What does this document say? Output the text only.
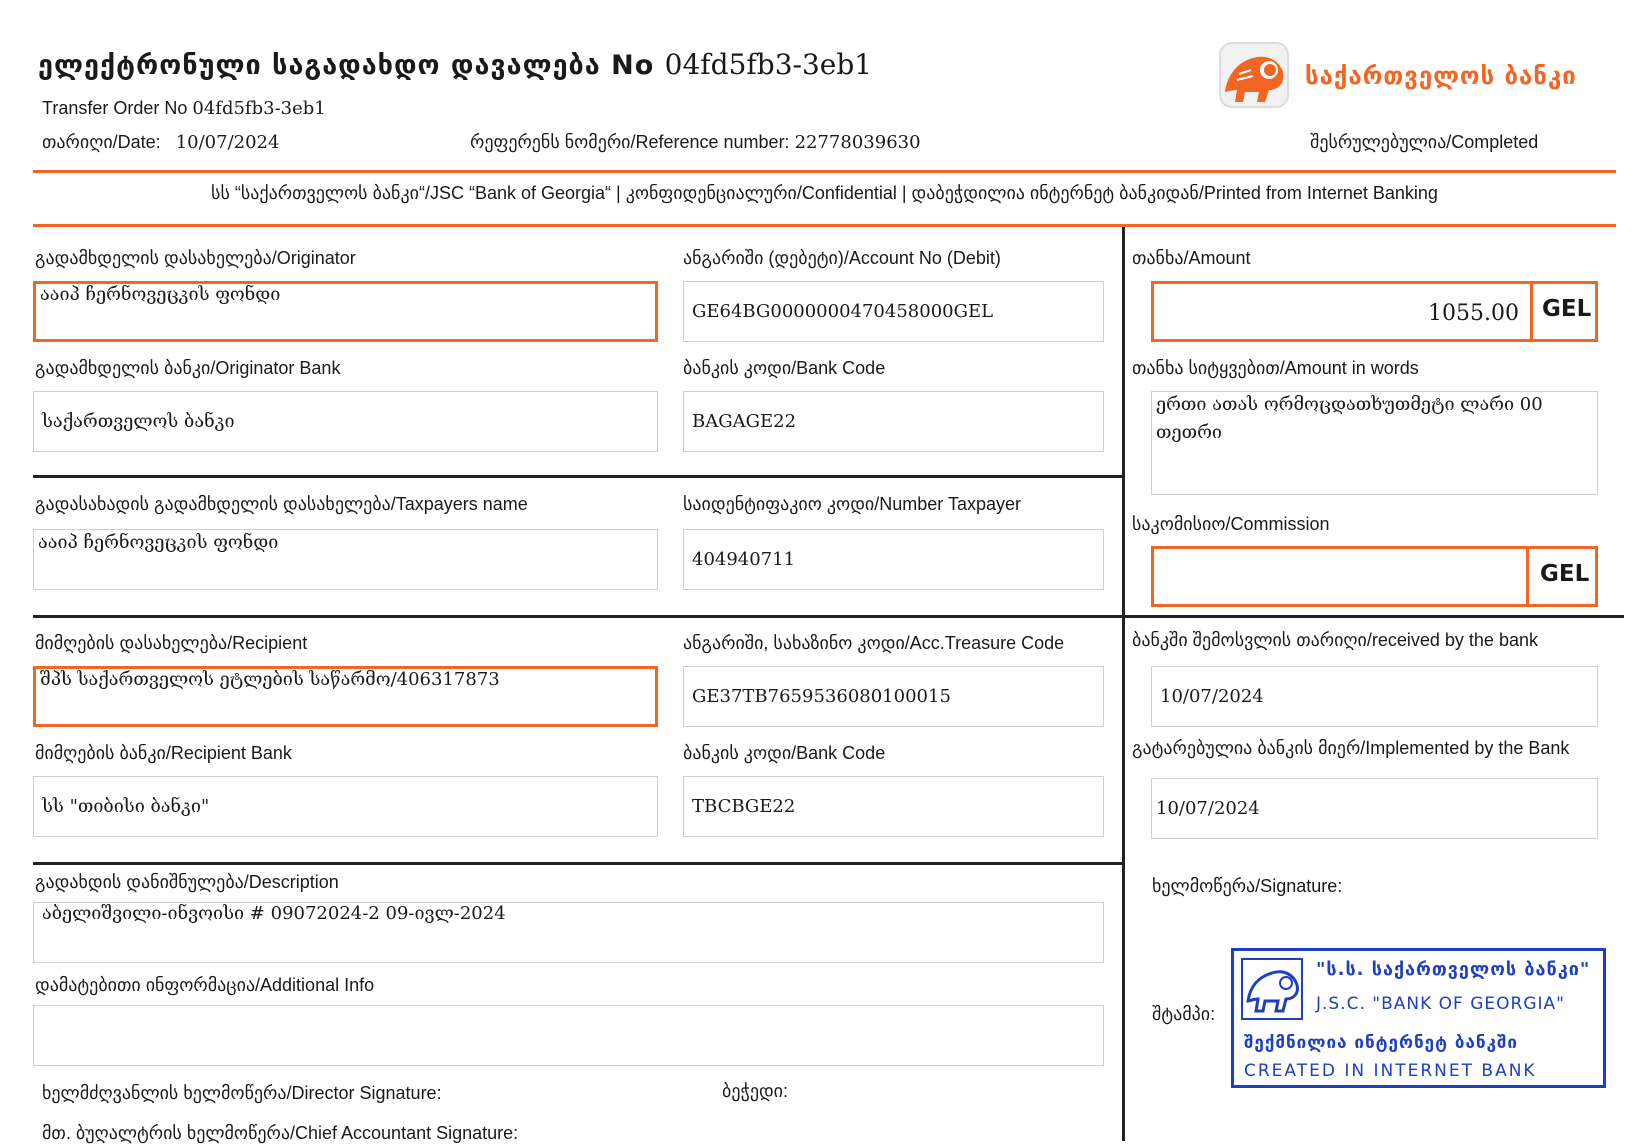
ელექტრონული საგადახდო დავალება No 04fd5fb3-3eb1
Transfer Order No 04fd5fb3-3eb1
თარიღი/Date: 10/07/2024	რეფერენს ნომერი/Reference number: 22778039630	შესრულებულია/Completed
საქართველოს ბანკი
სს “საქართველოს ბანკი“/JSC “Bank of Georgia“ | კონფიდენციალური/Confidential | დაბეჭდილია ინტერნეტ ბანკიდან/Printed from Internet Banking
გადამხდელის დასახელება/Originator
ააიპ ჩერნოვეცკის ფონდი
ანგარიში (დებეტი)/Account No (Debit)
GE64BG0000000470458000GEL
გადამხდელის ბანკი/Originator Bank
საქართველოს ბანკი
ბანკის კოდი/Bank Code
BAGAGE22
თანხა/Amount
1055.00 GEL
თანხა სიტყვებით/Amount in words
ერთი ათას ორმოცდათხუთმეტი ლარი 00
თეთრი
საკომისიო/Commission
GEL
გადასახადის გადამხდელის დასახელება/Taxpayers name
ააიპ ჩერნოვეცკის ფონდი
საიდენტიფაკიო კოდი/Number Taxpayer
404940711
მიმღების დასახელება/Recipient
შპს საქართველოს ეტლების საწარმო/406317873
ანგარიში, სახაზინო კოდი/Acc.Treasure Code
GE37TB7659536080100015
მიმღების ბანკი/Recipient Bank
სს "თიბისი ბანკი"
ბანკის კოდი/Bank Code
TBCBGE22
ბანკში შემოსვლის თარიღი/received by the bank
10/07/2024
გატარებულია ბანკის მიერ/Implemented by the Bank
10/07/2024
გადახდის დანიშნულება/Description
აბელიშვილი-ინვოისი # 09072024-2 09-ივლ-2024
დამატებითი ინფორმაცია/Additional Info
ხელმძღვანლის ხელმოწერა/Director Signature:	ბეჭედი:
მთ. ბუღალტრის ხელმოწერა/Chief Accountant Signature:
ხელმოწერა/Signature:
შტამპი:
"ს.ს. საქართველოს ბანკი"
J.S.C. "BANK OF GEORGIA"
შექმნილია ინტერნეტ ბანკში
CREATED IN INTERNET BANK
